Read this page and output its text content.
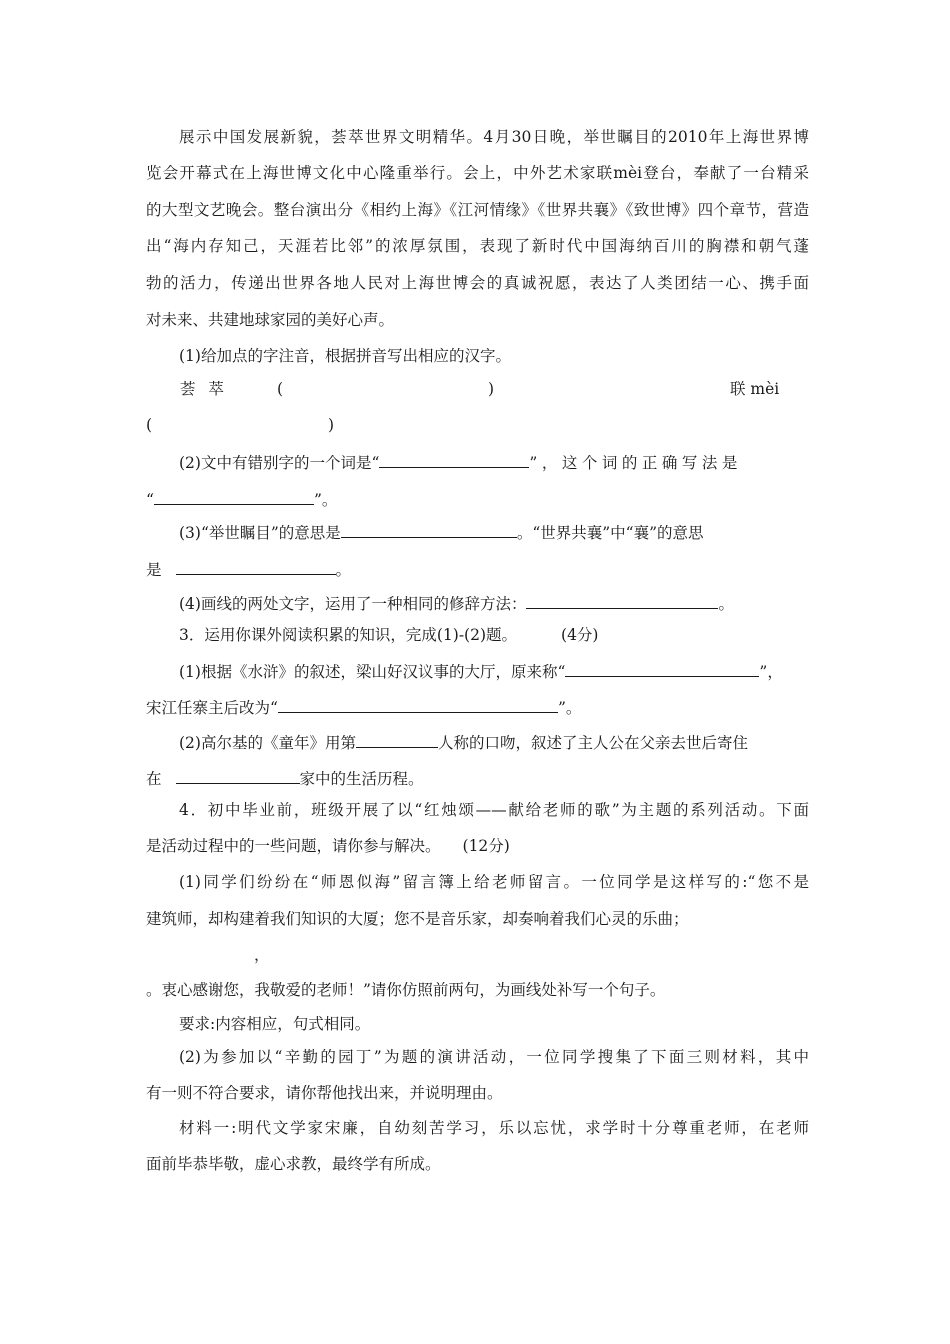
展示中国发展新貌，荟萃世界文明精华。4月30日晚，举世瞩目的2010年上海世界博
览会开幕式在上海世博文化中心隆重举行。会上，中外艺术家联mèi登台，奉献了一台精采
的大型文艺晚会。整台演出分《相约上海》《江河情缘》《世界共襄》《致世博》四个章节，营造
出“海内存知己，天涯若比邻”的浓厚氛围，表现了新时代中国海纳百川的胸襟和朝气蓬
勃的活力，传递出世界各地人民对上海世博会的真诚祝愿，表达了人类团结一心、携手面
对未来、共建地球家园的美好心声。
(1)给加点的字注音，根据拼音写出相应的汉字。
荟 萃	(	)	联 mèi
(	)
(2)文中有错别字的一个词是“	”，这个词的正确写法是
“	”。
(3)“举世瞩目”的意思是	。“世界共襄”中“襄”的意思
是	。
(4)画线的两处文字，运用了一种相同的修辞方法：	。
3．运用你课外阅读积累的知识，完成(1)-(2)题。	(4分)
(1)根据《水浒》的叙述，梁山好汉议事的大厅，原来称“	”，
宋江任寨主后改为“	”。
(2)高尔基的《童年》用第	人称的口吻，叙述了主人公在父亲去世后寄住
在	家中的生活历程。
4．初中毕业前，班级开展了以“红烛颂——献给老师的歌”为主题的系列活动。下面
是活动过程中的一些问题，请你参与解决。 (12分)
(1)同学们纷纷在“师恩似海”留言簿上给老师留言。一位同学是这样写的:“您不是
建筑师，却构建着我们知识的大厦；您不是音乐家，却奏响着我们心灵的乐曲；
，
。衷心感谢您，我敬爱的老师！”请你仿照前两句，为画线处补写一个句子。
要求:内容相应，句式相同。
(2)为参加以“辛勤的园丁”为题的演讲活动，一位同学搜集了下面三则材料，其中
有一则不符合要求，请你帮他找出来，并说明理由。
材料一:明代文学家宋廉，自幼刻苦学习，乐以忘忧，求学时十分尊重老师，在老师
面前毕恭毕敬，虚心求教，最终学有所成。
